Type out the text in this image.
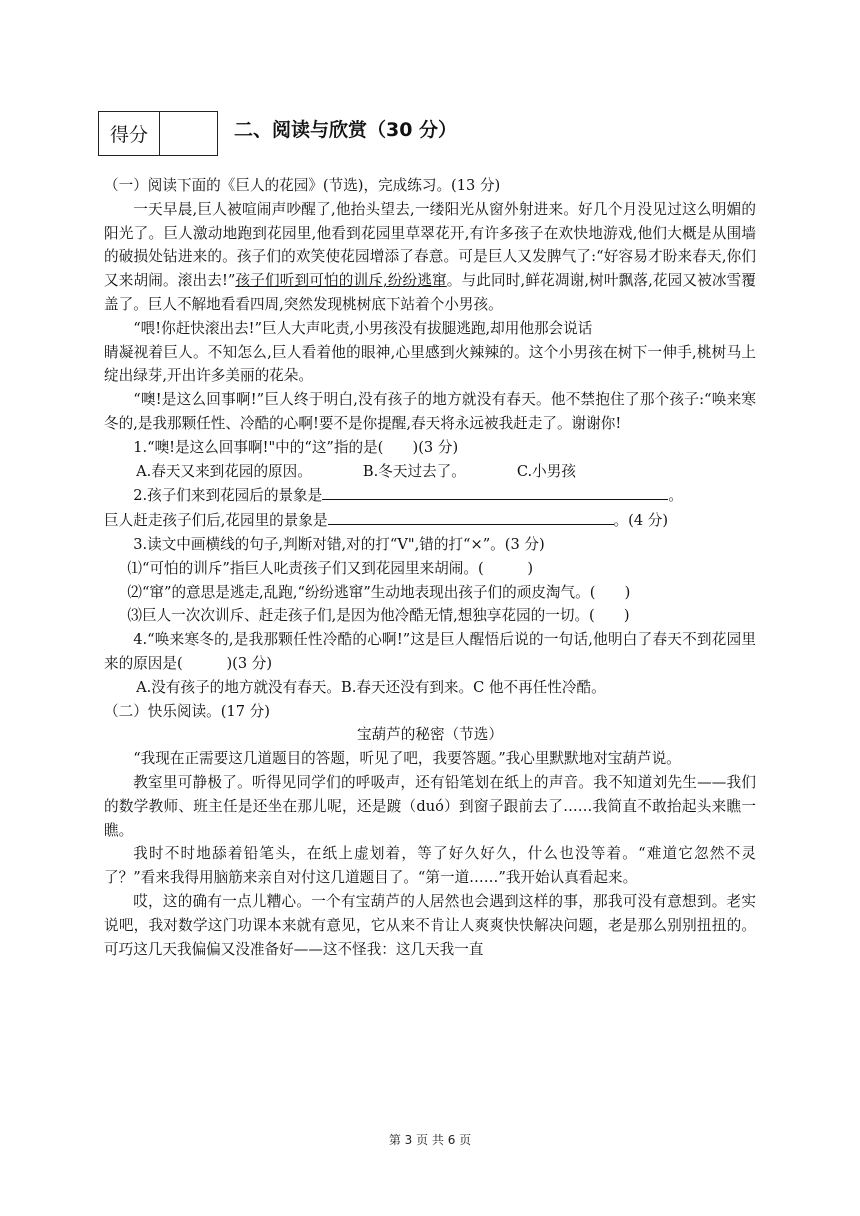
得分	二、阅读与欣赏（30 分）

（一）阅读下面的《巨人的花园》(节选)，完成练习。(13 分)

一天早晨,巨人被喧闹声吵醒了,他抬头望去,一缕阳光从窗外射进来。好几个月没见过这么明媚的阳光了。巨人激动地跑到花园里,他看到花园里草翠花开,有许多孩子在欢快地游戏,他们大概是从围墙的破损处钻进来的。孩子们的欢笑使花园增添了春意。可是巨人又发脾气了:“好容易才盼来春天,你们又来胡闹。滚出去!”孩子们听到可怕的训斥,纷纷逃窜。与此同时,鲜花凋谢,树叶飘落,花园又被冰雪覆盖了。巨人不解地看看四周,突然发现桃树底下站着个小男孩。

“喂!你赶快滚出去!”巨人大声叱责,小男孩没有拔腿逃跑,却用他那会说话

睛凝视着巨人。不知怎么,巨人看着他的眼神,心里感到火辣辣的。这个小男孩在树下一伸手,桃树马上绽出绿芽,开出许多美丽的花朵。

“噢!是这么回事啊!”巨人终于明白,没有孩子的地方就没有春天。他不禁抱住了那个孩子:“唤来寒冬的,是我那颗任性、冷酷的心啊!要不是你提醒,春天将永远被我赶走了。谢谢你!

1.“噢!是这么回事啊!"中的“这”指的是(　　)(3 分)

A.春天又来到花园的原因。　　　　B.冬天过去了。　　　　C.小男孩

2.孩子们来到花园后的景象是	。

巨人赶走孩子们后,花园里的景象是	。(4 分)

3.读文中画横线的句子,判断对错,对的打“V",错的打“×”。(3 分)

⑴“可怕的训斥”指巨人叱责孩子们又到花园里来胡闹。(　　　)

⑵“窜”的意思是逃走,乱跑,“纷纷逃窜”生动地表现出孩子们的顽皮淘气。(　　)

⑶巨人一次次训斥、赶走孩子们,是因为他冷酷无情,想独享花园的一切。(　　)

4.“唤来寒冬的,是我那颗任性冷酷的心啊!”这是巨人醒悟后说的一句话,他明白了春天不到花园里来的原因是(　　　)(3 分)

A.没有孩子的地方就没有春天。B.春天还没有到来。C 他不再任性冷酷。

（二）快乐阅读。(17 分)

宝葫芦的秘密（节选）

“我现在正需要这几道题目的答题，听见了吧，我要答题。”我心里默默地对宝葫芦说。

教室里可静极了。听得见同学们的呼吸声，还有铅笔划在纸上的声音。我不知道刘先生——我们的数学教师、班主任是还坐在那儿呢，还是踱（duó）到窗子跟前去了……我简直不敢抬起头来瞧一瞧。

我时不时地舔着铅笔头，在纸上虚划着，等了好久好久，什么也没等着。“难道它忽然不灵了？”看来我得用脑筋来亲自对付这几道题目了。“第一道……”我开始认真看起来。

哎，这的确有一点儿糟心。一个有宝葫芦的人居然也会遇到这样的事，那我可没有意想到。老实说吧，我对数学这门功课本来就有意见，它从来不肯让人爽爽快快解决问题，老是那么别别扭扭的。可巧这几天我偏偏又没准备好——这不怪我：这几天我一直

第 3 页 共 6 页
